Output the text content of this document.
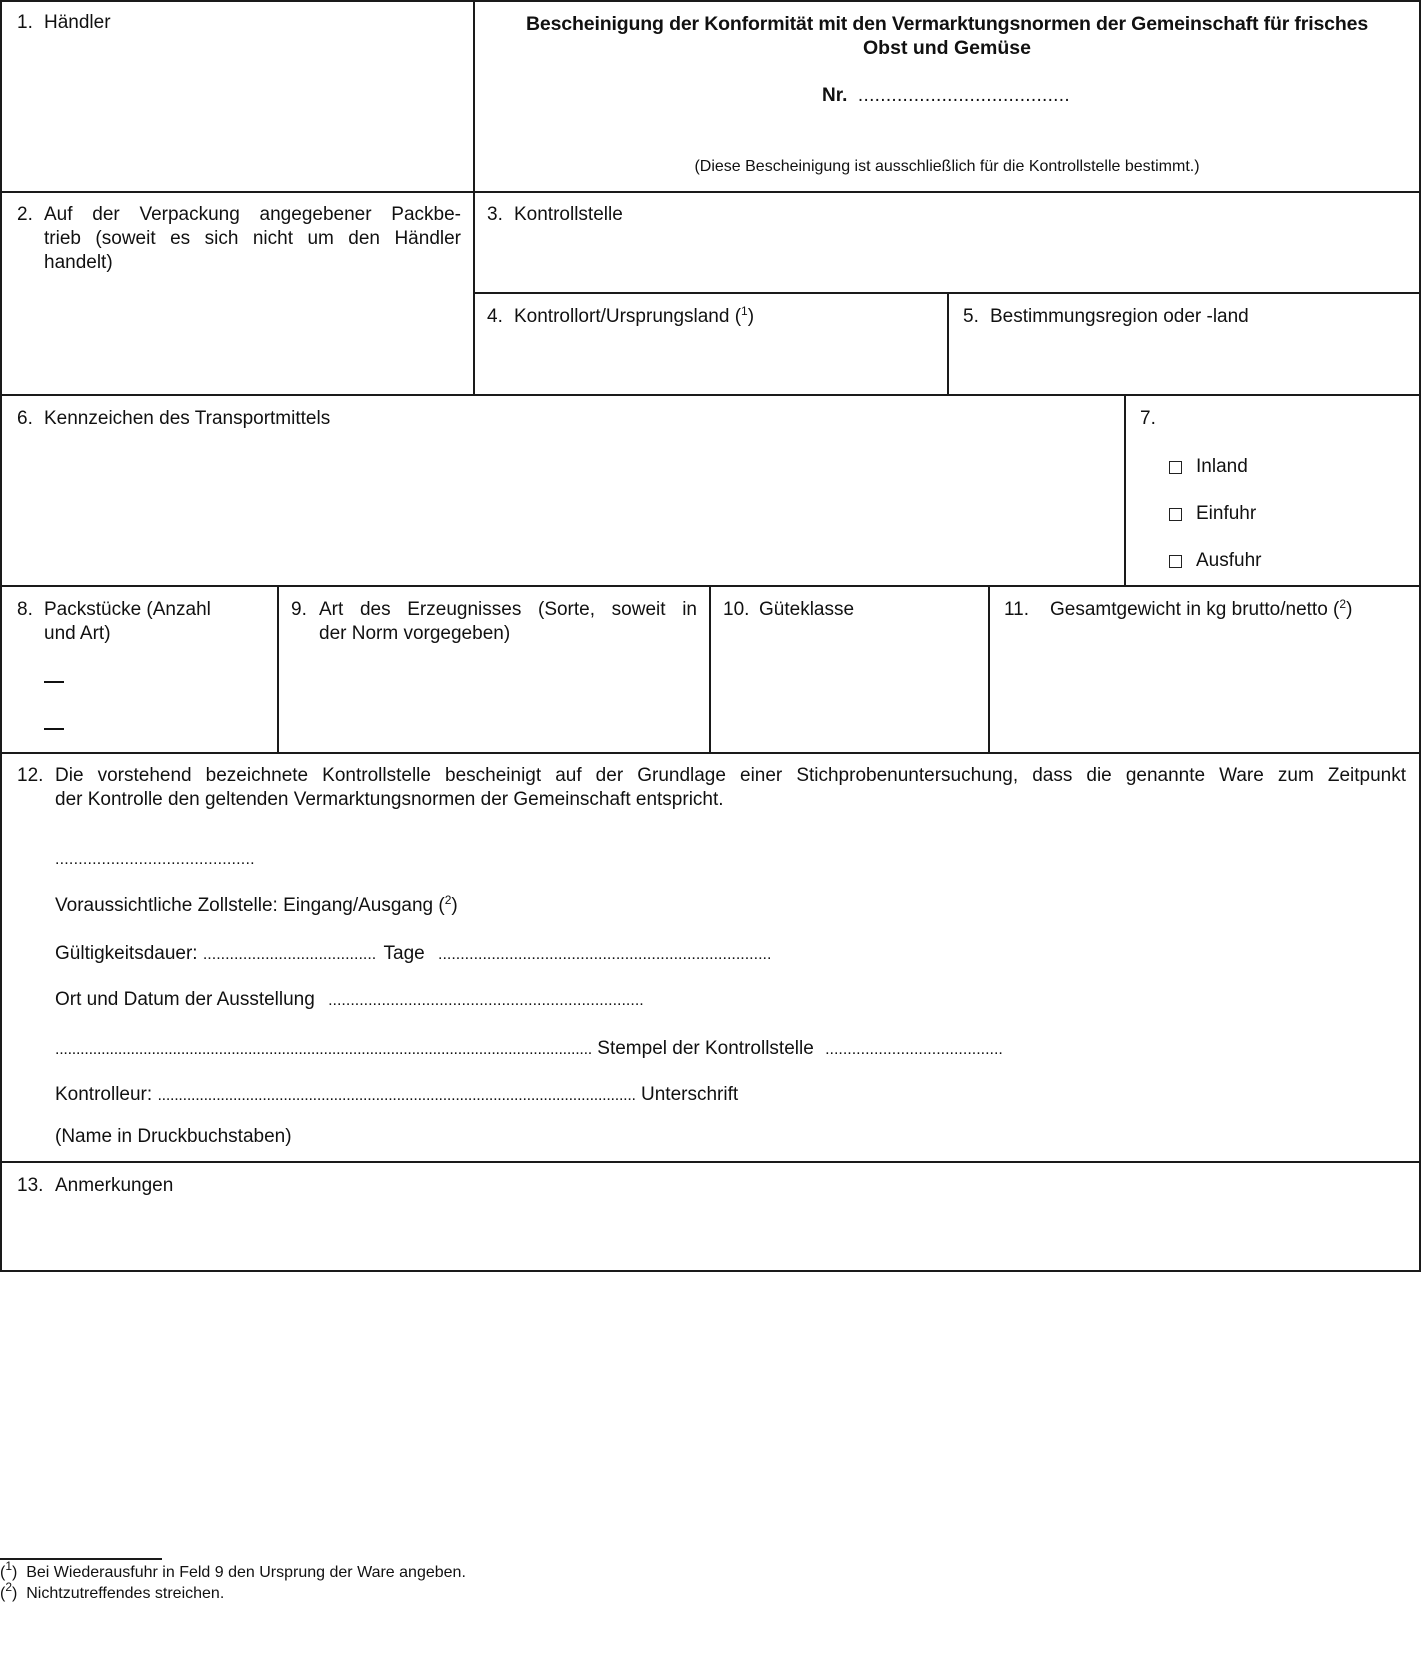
1. Händler	Bescheinigung der Konformität mit den Vermarktungsnormen der Gemeinschaft für frisches
Obst und Gemüse
Nr. ......................................
(Diese Bescheinigung ist ausschließlich für die Kontrollstelle bestimmt.)
2. Auf der Verpackung angegebener Packbe-
trieb (soweit es sich nicht um den Händler
handelt)
3. Kontrollstelle
4. Kontrollort/Ursprungsland ($^1$)	5. Bestimmungsregion oder -land
6. Kennzeichen des Transportmittels	7.
Inland
Einfuhr
Ausfuhr
8. Packstücke (Anzahl
und Art)
9. Art des Erzeugnisses (Sorte, soweit in
der Norm vorgegeben)
10. Güteklasse	11. Gesamtgewicht in kg brutto/netto ($^2$)
12. Die vorstehend bezeichnete Kontrollstelle bescheinigt auf der Grundlage einer Stichprobenuntersuchung, dass die genannte Ware zum Zeitpunkt
der Kontrolle den geltenden Vermarktungsnormen der Gemeinschaft entspricht.
...........................................
Voraussichtliche Zollstelle: Eingang/Ausgang ($^2$)
Gültigkeitsdauer: ....................................... Tage ...........................................................................
Ort und Datum der Ausstellung .......................................................................
................................................................................................................................ Stempel der Kontrollstelle ........................................
Kontrolleur: .................................................................................................................. Unterschrift
(Name in Druckbuchstaben)
13. Anmerkungen
($^1$)  Bei Wiederausfuhr in Feld 9 den Ursprung der Ware angeben.
($^2$)  Nichtzutreffendes streichen.
